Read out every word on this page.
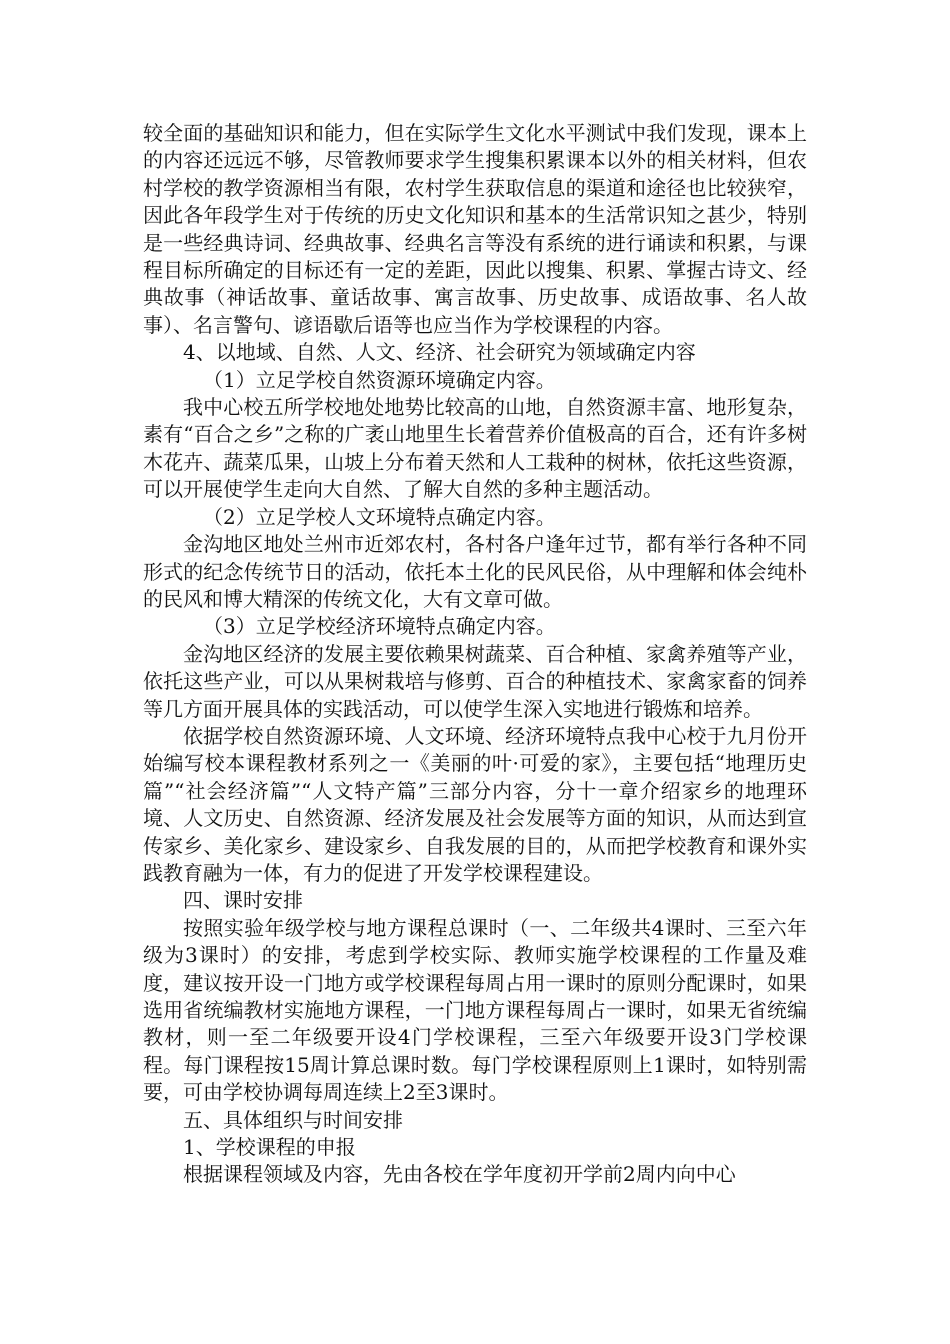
较全面的基础知识和能力，但在实际学生文化水平测试中我们发现，课本上的内容还远远不够，尽管教师要求学生搜集积累课本以外的相关材料，但农村学校的教学资源相当有限，农村学生获取信息的渠道和途径也比较狭窄，因此各年段学生对于传统的历史文化知识和基本的生活常识知之甚少，特别是一些经典诗词、经典故事、经典名言等没有系统的进行诵读和积累，与课程目标所确定的目标还有一定的差距，因此以搜集、积累、掌握古诗文、经典故事（神话故事、童话故事、寓言故事、历史故事、成语故事、名人故事）、名言警句、谚语歇后语等也应当作为学校课程的内容。

4、以地域、自然、人文、经济、社会研究为领域确定内容

（1）立足学校自然资源环境确定内容。

我中心校五所学校地处地势比较高的山地，自然资源丰富、地形复杂，素有“百合之乡”之称的广袤山地里生长着营养价值极高的百合，还有许多树木花卉、蔬菜瓜果，山坡上分布着天然和人工栽种的树林，依托这些资源，可以开展使学生走向大自然、了解大自然的多种主题活动。

（2）立足学校人文环境特点确定内容。

金沟地区地处兰州市近郊农村，各村各户逢年过节，都有举行各种不同形式的纪念传统节日的活动，依托本土化的民风民俗，从中理解和体会纯朴的民风和博大精深的传统文化，大有文章可做。

（3）立足学校经济环境特点确定内容。

金沟地区经济的发展主要依赖果树蔬菜、百合种植、家禽养殖等产业，依托这些产业，可以从果树栽培与修剪、百合的种植技术、家禽家畜的饲养等几方面开展具体的实践活动，可以使学生深入实地进行锻炼和培养。

依据学校自然资源环境、人文环境、经济环境特点我中心校于九月份开始编写校本课程教材系列之一《美丽的叶·可爱的家》，主要包括“地理历史篇”“社会经济篇”“人文特产篇”三部分内容，分十一章介绍家乡的地理环境、人文历史、自然资源、经济发展及社会发展等方面的知识，从而达到宣传家乡、美化家乡、建设家乡、自我发展的目的，从而把学校教育和课外实践教育融为一体，有力的促进了开发学校课程建设。

四、课时安排

按照实验年级学校与地方课程总课时（一、二年级共4课时、三至六年级为3课时）的安排，考虑到学校实际、教师实施学校课程的工作量及难度，建议按开设一门地方或学校课程每周占用一课时的原则分配课时，如果选用省统编教材实施地方课程，一门地方课程每周占一课时，如果无省统编教材，则一至二年级要开设4门学校课程，三至六年级要开设3门学校课程。每门课程按15周计算总课时数。每门学校课程原则上1课时，如特别需要，可由学校协调每周连续上2至3课时。

五、具体组织与时间安排

1、学校课程的申报

根据课程领域及内容，先由各校在学年度初开学前2周内向中心
